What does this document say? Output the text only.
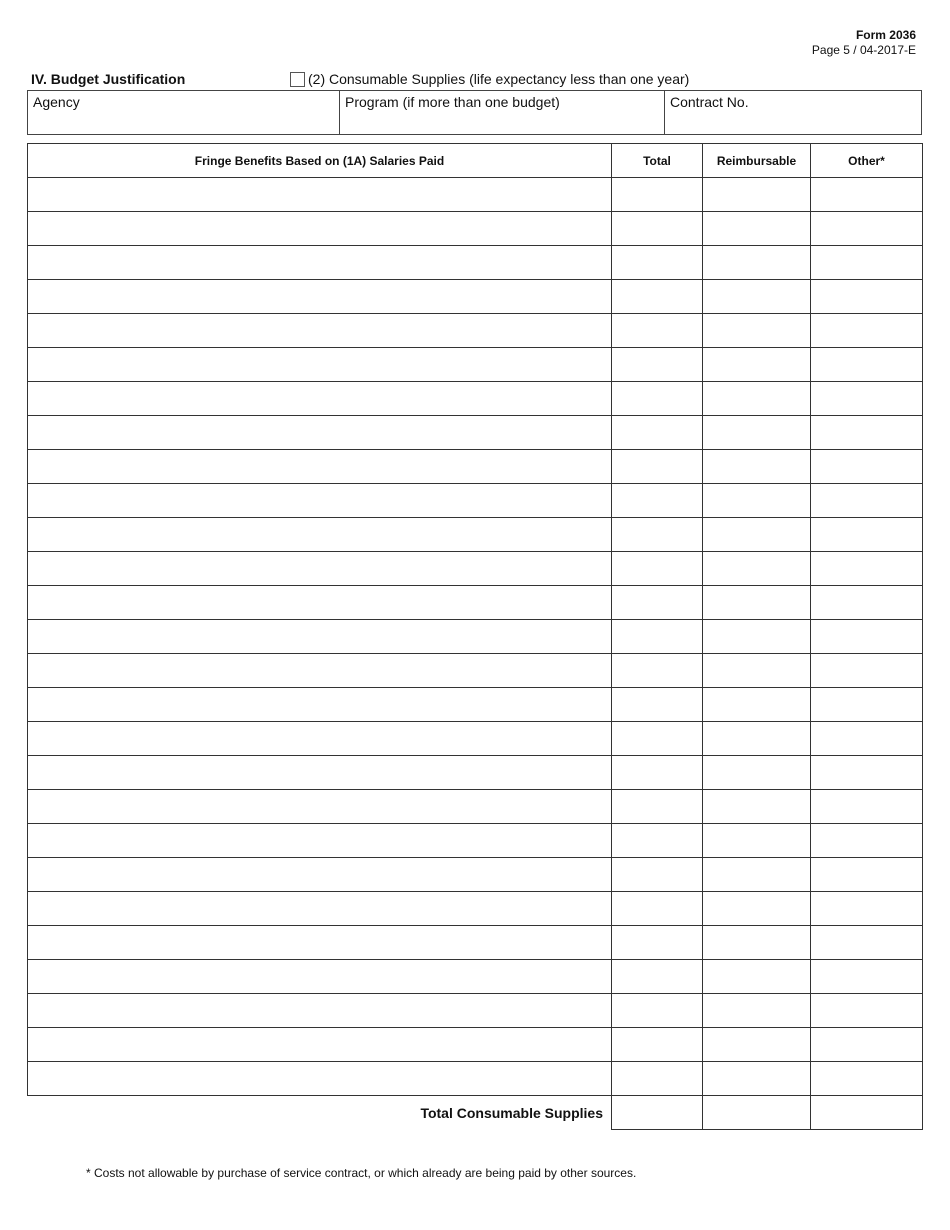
Form 2036
Page 5 / 04-2017-E
IV. Budget Justification	(2) Consumable Supplies (life expectancy less than one year)
Agency	Program (if more than one budget)	Contract No.
Fringe Benefits Based on (1A) Salaries Paid	Total	Reimbursable	Other*

Total Consumable Supplies			
* Costs not allowable by purchase of service contract, or which already are being paid by other sources.
